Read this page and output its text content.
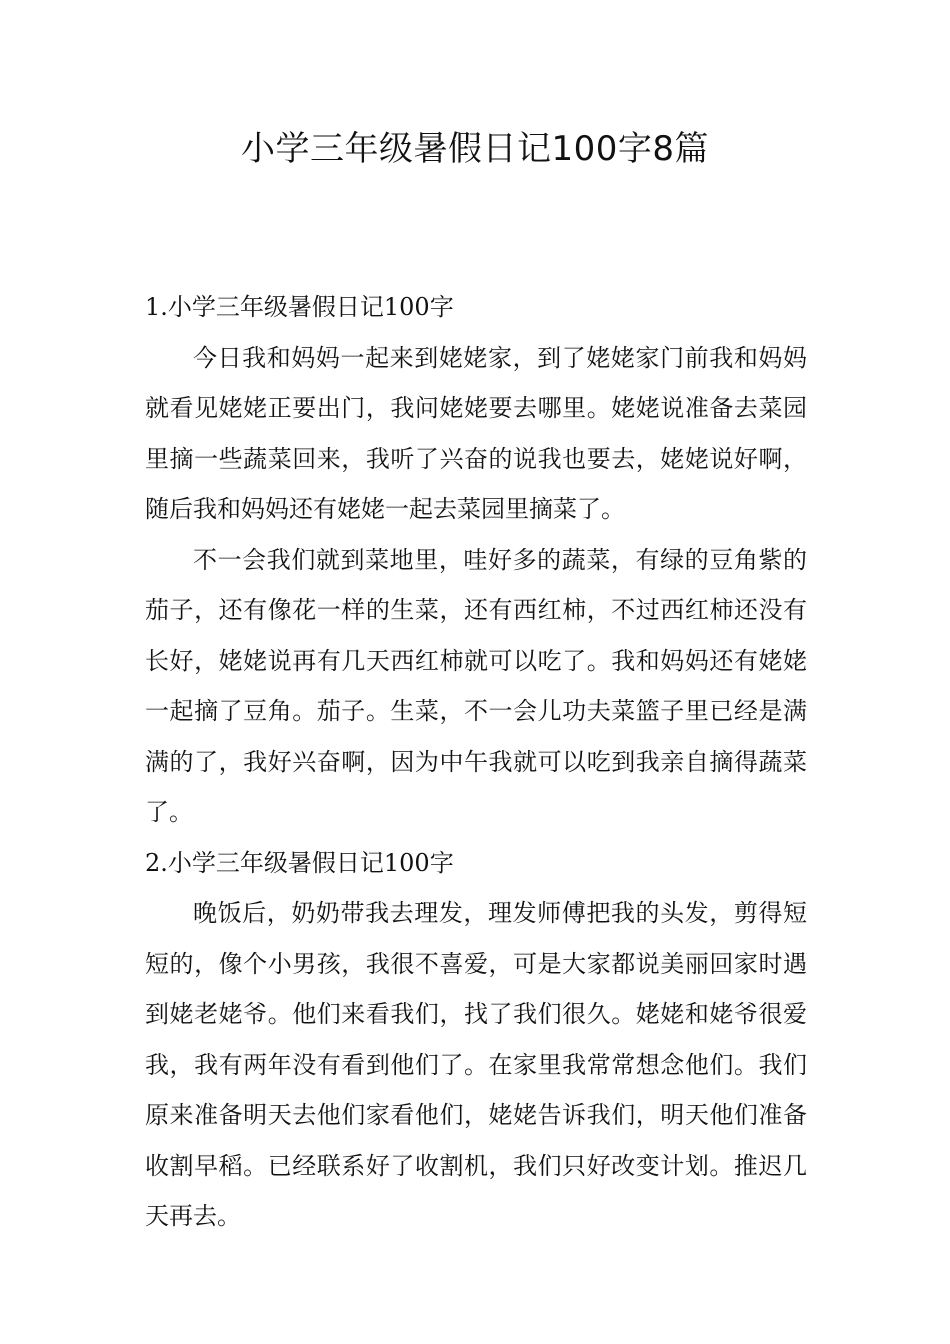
小学三年级暑假日记100字8篇
1.小学三年级暑假日记100字

今日我和妈妈一起来到姥姥家，到了姥姥家门前我和妈妈就看见姥姥正要出门，我问姥姥要去哪里。姥姥说准备去菜园里摘一些蔬菜回来，我听了兴奋的说我也要去，姥姥说好啊，随后我和妈妈还有姥姥一起去菜园里摘菜了。

不一会我们就到菜地里，哇好多的蔬菜，有绿的豆角紫的茄子，还有像花一样的生菜，还有西红柿，不过西红柿还没有长好，姥姥说再有几天西红柿就可以吃了。我和妈妈还有姥姥一起摘了豆角。茄子。生菜，不一会儿功夫菜篮子里已经是满满的了，我好兴奋啊，因为中午我就可以吃到我亲自摘得蔬菜了。

2.小学三年级暑假日记100字

晚饭后，奶奶带我去理发，理发师傅把我的头发，剪得短短的，像个小男孩，我很不喜爱，可是大家都说美丽回家时遇到姥老姥爷。他们来看我们，找了我们很久。姥姥和姥爷很爱我，我有两年没有看到他们了。在家里我常常想念他们。我们原来准备明天去他们家看他们，姥姥告诉我们，明天他们准备收割早稻。已经联系好了收割机，我们只好改变计划。推迟几天再去。
